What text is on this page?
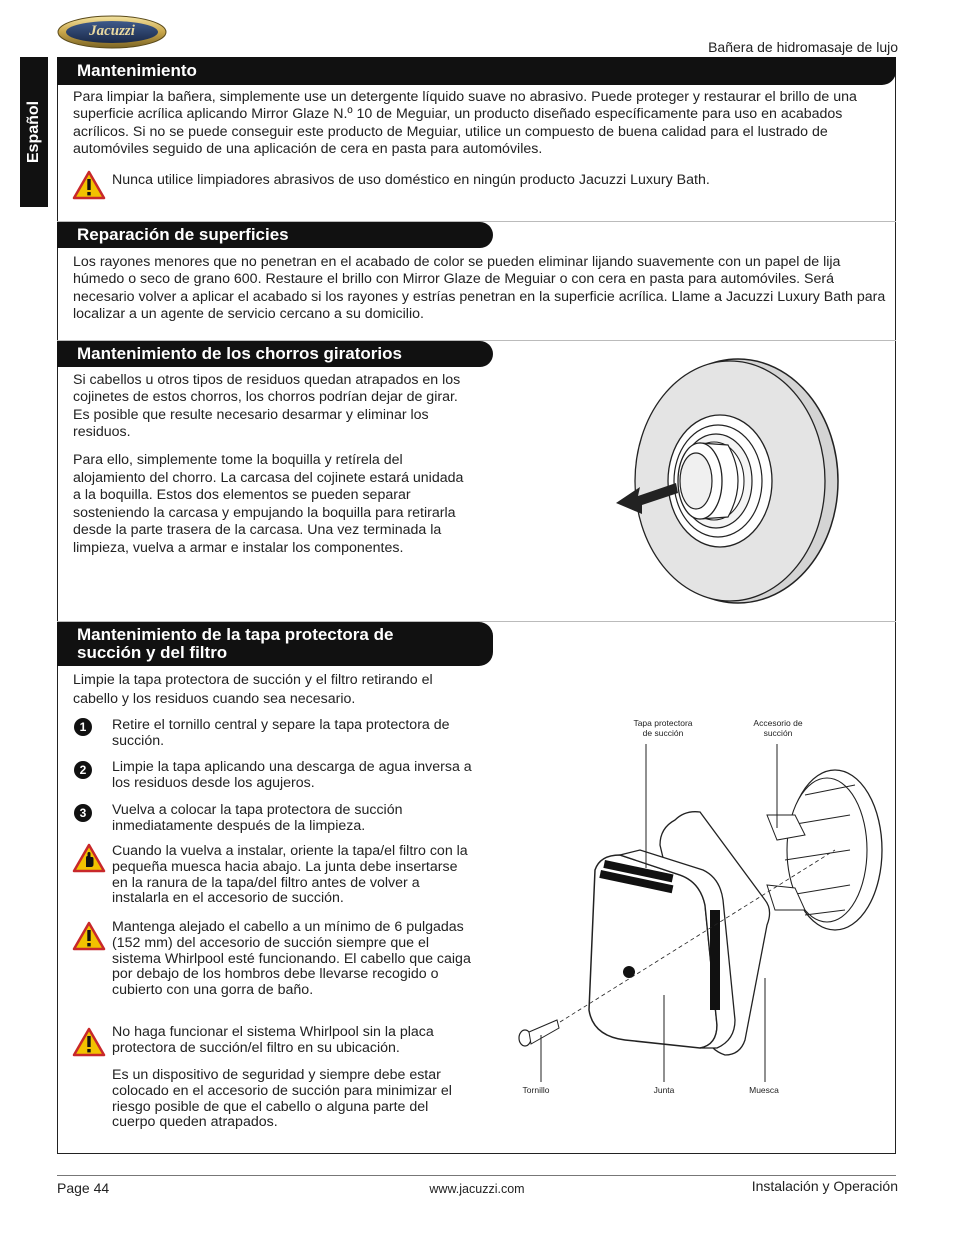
Jacuzzi
Bañera de hidromasaje de lujo
Español
Mantenimiento
Para limpiar la bañera, simplemente use un detergente líquido suave no abrasivo. Puede proteger y restaurar el brillo de una superficie acrílica aplicando Mirror Glaze N.º 10 de Meguiar, un producto diseñado específicamente para uso en acabados acrílicos. Si no se puede conseguir este producto de Meguiar, utilice un compuesto de buena calidad para el lustrado de automóviles seguido de una aplicación de cera en pasta para automóviles.
Nunca utilice limpiadores abrasivos de uso doméstico en ningún producto Jacuzzi Luxury Bath.
Reparación de superficies
Los rayones menores que no penetran en el acabado de color se pueden eliminar lijando suavemente con un papel de lija húmedo o seco de grano 600. Restaure el brillo con Mirror Glaze de Meguiar o con cera en pasta para automóviles. Será necesario volver a aplicar el acabado si los rayones y estrías penetran en la superficie acrílica. Llame a Jacuzzi Luxury Bath para localizar a un agente de servicio cercano a su domicilio.
Mantenimiento de los chorros giratorios
Si cabellos u otros tipos de residuos quedan atrapados en los cojinetes de estos chorros, los chorros podrían dejar de girar. Es posible que resulte necesario desarmar y eliminar los residuos.
Para ello, simplemente tome la boquilla y retírela del alojamiento del chorro. La carcasa del cojinete estará unidada a la boquilla. Estos dos elementos se pueden separar sosteniendo la carcasa y empujando la boquilla para retirarla desde la parte trasera de la carcasa. Una vez terminada la limpieza, vuelva a armar e instalar los componentes.
Mantenimiento de la tapa protectora de
succión y del filtro
Limpie la tapa protectora de succión y el filtro retirando el cabello y los residuos cuando sea necesario.
1	Retire el tornillo central y separe la tapa protectora de succión.
2	Limpie la tapa aplicando una descarga de agua inversa a los residuos desde los agujeros.
3	Vuelva a colocar la tapa protectora de succión inmediatamente después de la limpieza.
Cuando la vuelva a instalar, oriente la tapa/el filtro con la pequeña muesca hacia abajo. La junta debe insertarse en la ranura de la tapa/del filtro antes de volver a instalarla en el accesorio de succión.
Mantenga alejado el cabello a un mínimo de 6 pulgadas (152 mm) del accesorio de succión siempre que el sistema Whirlpool esté funcionando. El cabello que caiga por debajo de los hombros debe llevarse recogido o cubierto con una gorra de baño.
No haga funcionar el sistema Whirlpool sin la placa protectora de succión/el filtro en su ubicación.
Es un dispositivo de seguridad y siempre debe estar colocado en el accesorio de succión para minimizar el riesgo posible de que el cabello o alguna parte del cuerpo queden atrapados.
Tapa protectora
de succión
Accesorio de
succión
Tornillo	Junta	Muesca
Page 44	www.jacuzzi.com	Instalación y Operación
